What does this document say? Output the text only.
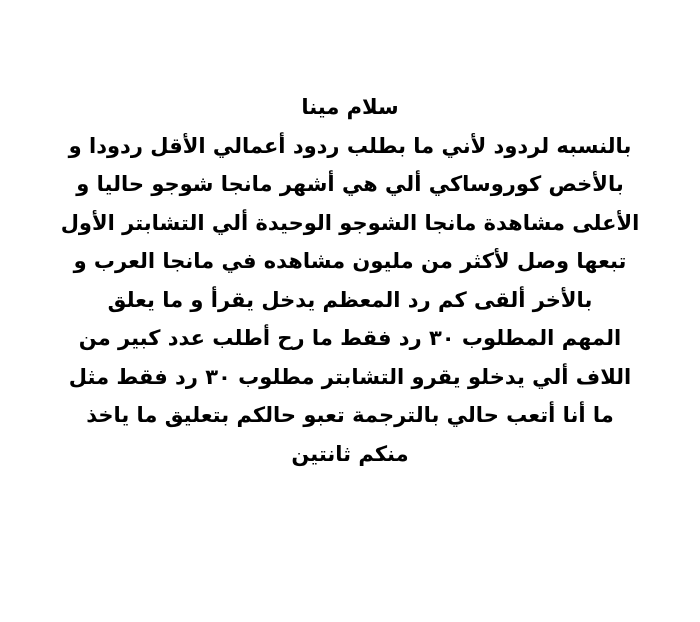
سلام مينا
بالنسبه لردود لأني ما بطلب ردود أعمالي الأقل ردودا و
بالأخص كوروساكي ألي هي أشهر مانجا شوجو حاليا و
الأعلى مشاهدة مانجا الشوجو الوحيدة ألي التشابتر الأول
تبعها وصل لأكثر من مليون مشاهده في مانجا العرب و
بالأخر ألقى كم رد المعظم يدخل يقرأ و ما يعلق
المهم المطلوب ٣٠ رد فقط ما رح أطلب عدد كبير من
اللاف ألي يدخلو يقرو التشابتر مطلوب ٣٠ رد فقط مثل
ما أنا أتعب حالي بالترجمة تعبو حالكم بتعليق ما ياخذ
منكم ثانتين
